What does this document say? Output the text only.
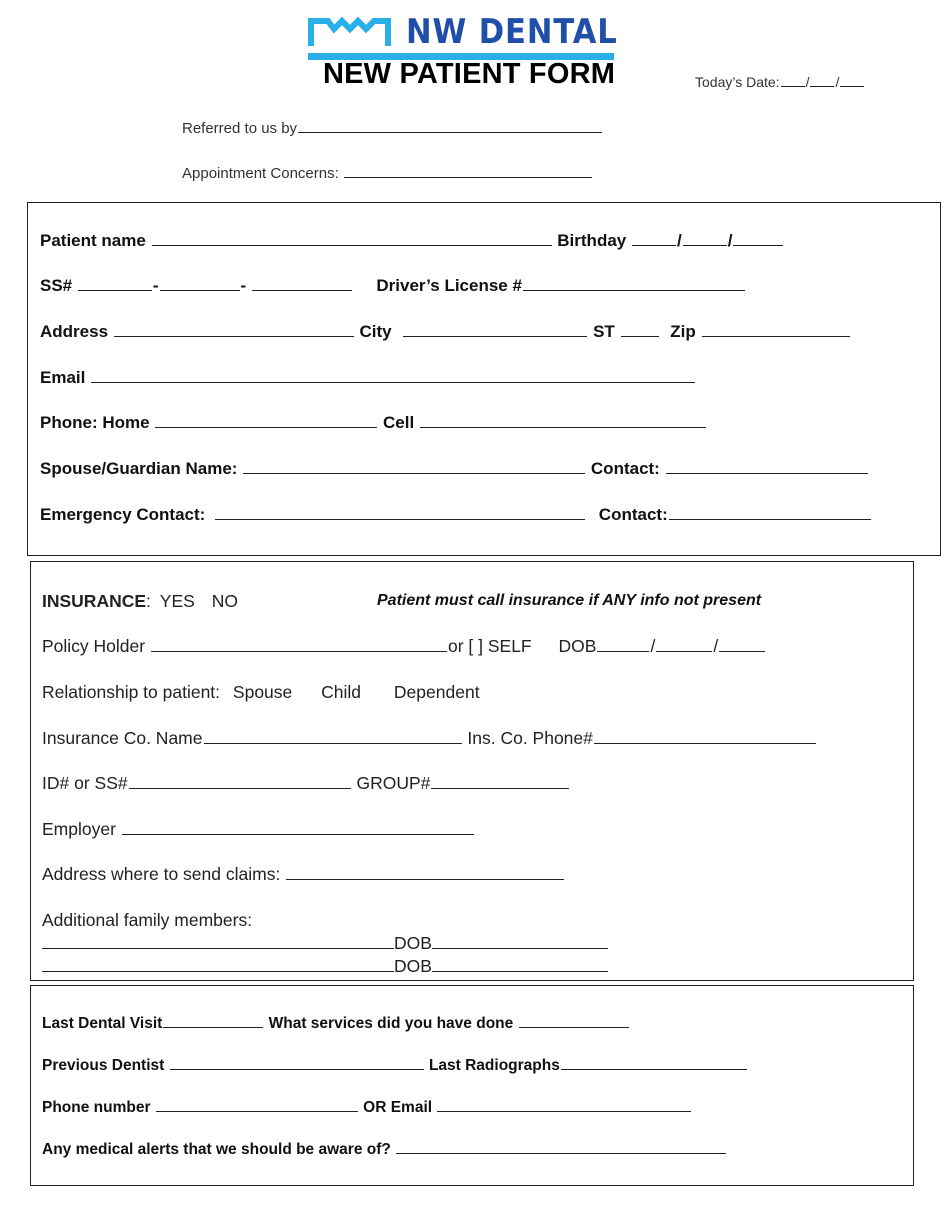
NW DENTAL
NEW PATIENT FORM	Today’s Date: / /
Referred to us by
Appointment Concerns:
Patient name	Birthday	/	/
SS#	-	-	Driver’s License #
Address	City	ST	Zip
Email
Phone: Home	Cell
Spouse/Guardian Name:	Contact:
Emergency Contact:	Contact:
INSURANCE: YES NO	Patient must call insurance if ANY info not present
Policy Holder	or [ ] SELF DOB	/	/
Relationship to patient: Spouse Child Dependent
Insurance Co. Name	Ins. Co. Phone#
ID# or SS#	GROUP#
Employer
Address where to send claims:
Additional family members:
DOB
DOB
Last Dental Visit	What services did you have done
Previous Dentist	Last Radiographs
Phone number	OR Email
Any medical alerts that we should be aware of?
